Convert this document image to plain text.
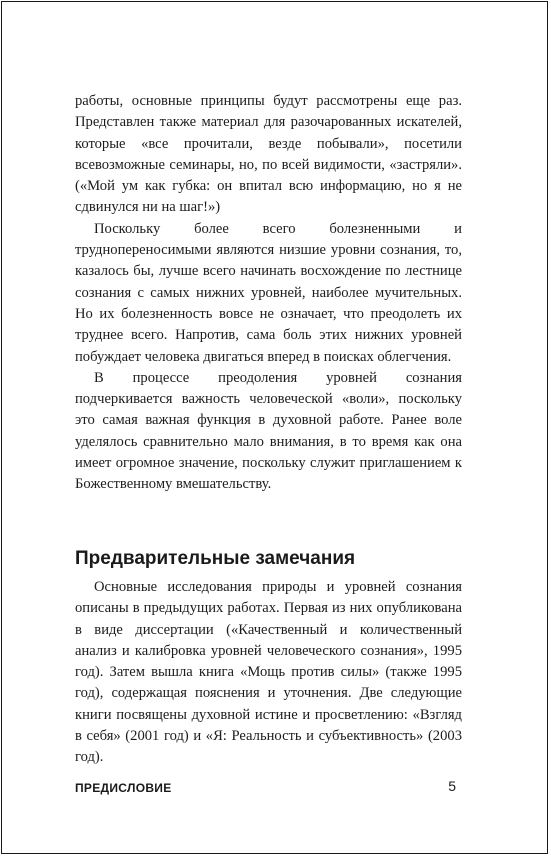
работы, основные принципы будут рассмотрены еще раз. Представлен также материал для разочарованных искателей, которые «все прочитали, везде побывали», посетили всевозможные семинары, но, по всей видимости, «застряли». («Мой ум как губка: он впитал всю информацию, но я не сдвинулся ни на шаг!»)

Поскольку более всего болезненными и труднопереносимыми являются низшие уровни сознания, то, казалось бы, лучше всего начинать восхождение по лестнице сознания с самых нижних уровней, наиболее мучительных. Но их болезненность вовсе не означает, что преодолеть их труднее всего. Напротив, сама боль этих нижних уровней побуждает человека двигаться вперед в поисках облегчения.

В процессе преодоления уровней сознания подчеркивается важность человеческой «воли», поскольку это самая важная функция в духовной работе. Ранее воле уделялось сравнительно мало внимания, в то время как она имеет огромное значение, поскольку служит приглашением к Божественному вмешательству.

Предварительные замечания

Основные исследования природы и уровней сознания описаны в предыдущих работах. Первая из них опубликована в виде диссертации («Качественный и количественный анализ и калибровка уровней человеческого сознания», 1995 год). Затем вышла книга «Мощь против силы» (также 1995 год), содержащая пояснения и уточнения. Две следующие книги посвящены духовной истине и просветлению: «Взгляд в себя» (2001 год) и «Я: Реальность и субъективность» (2003 год).

ПРЕДИСЛОВИЕ	5
